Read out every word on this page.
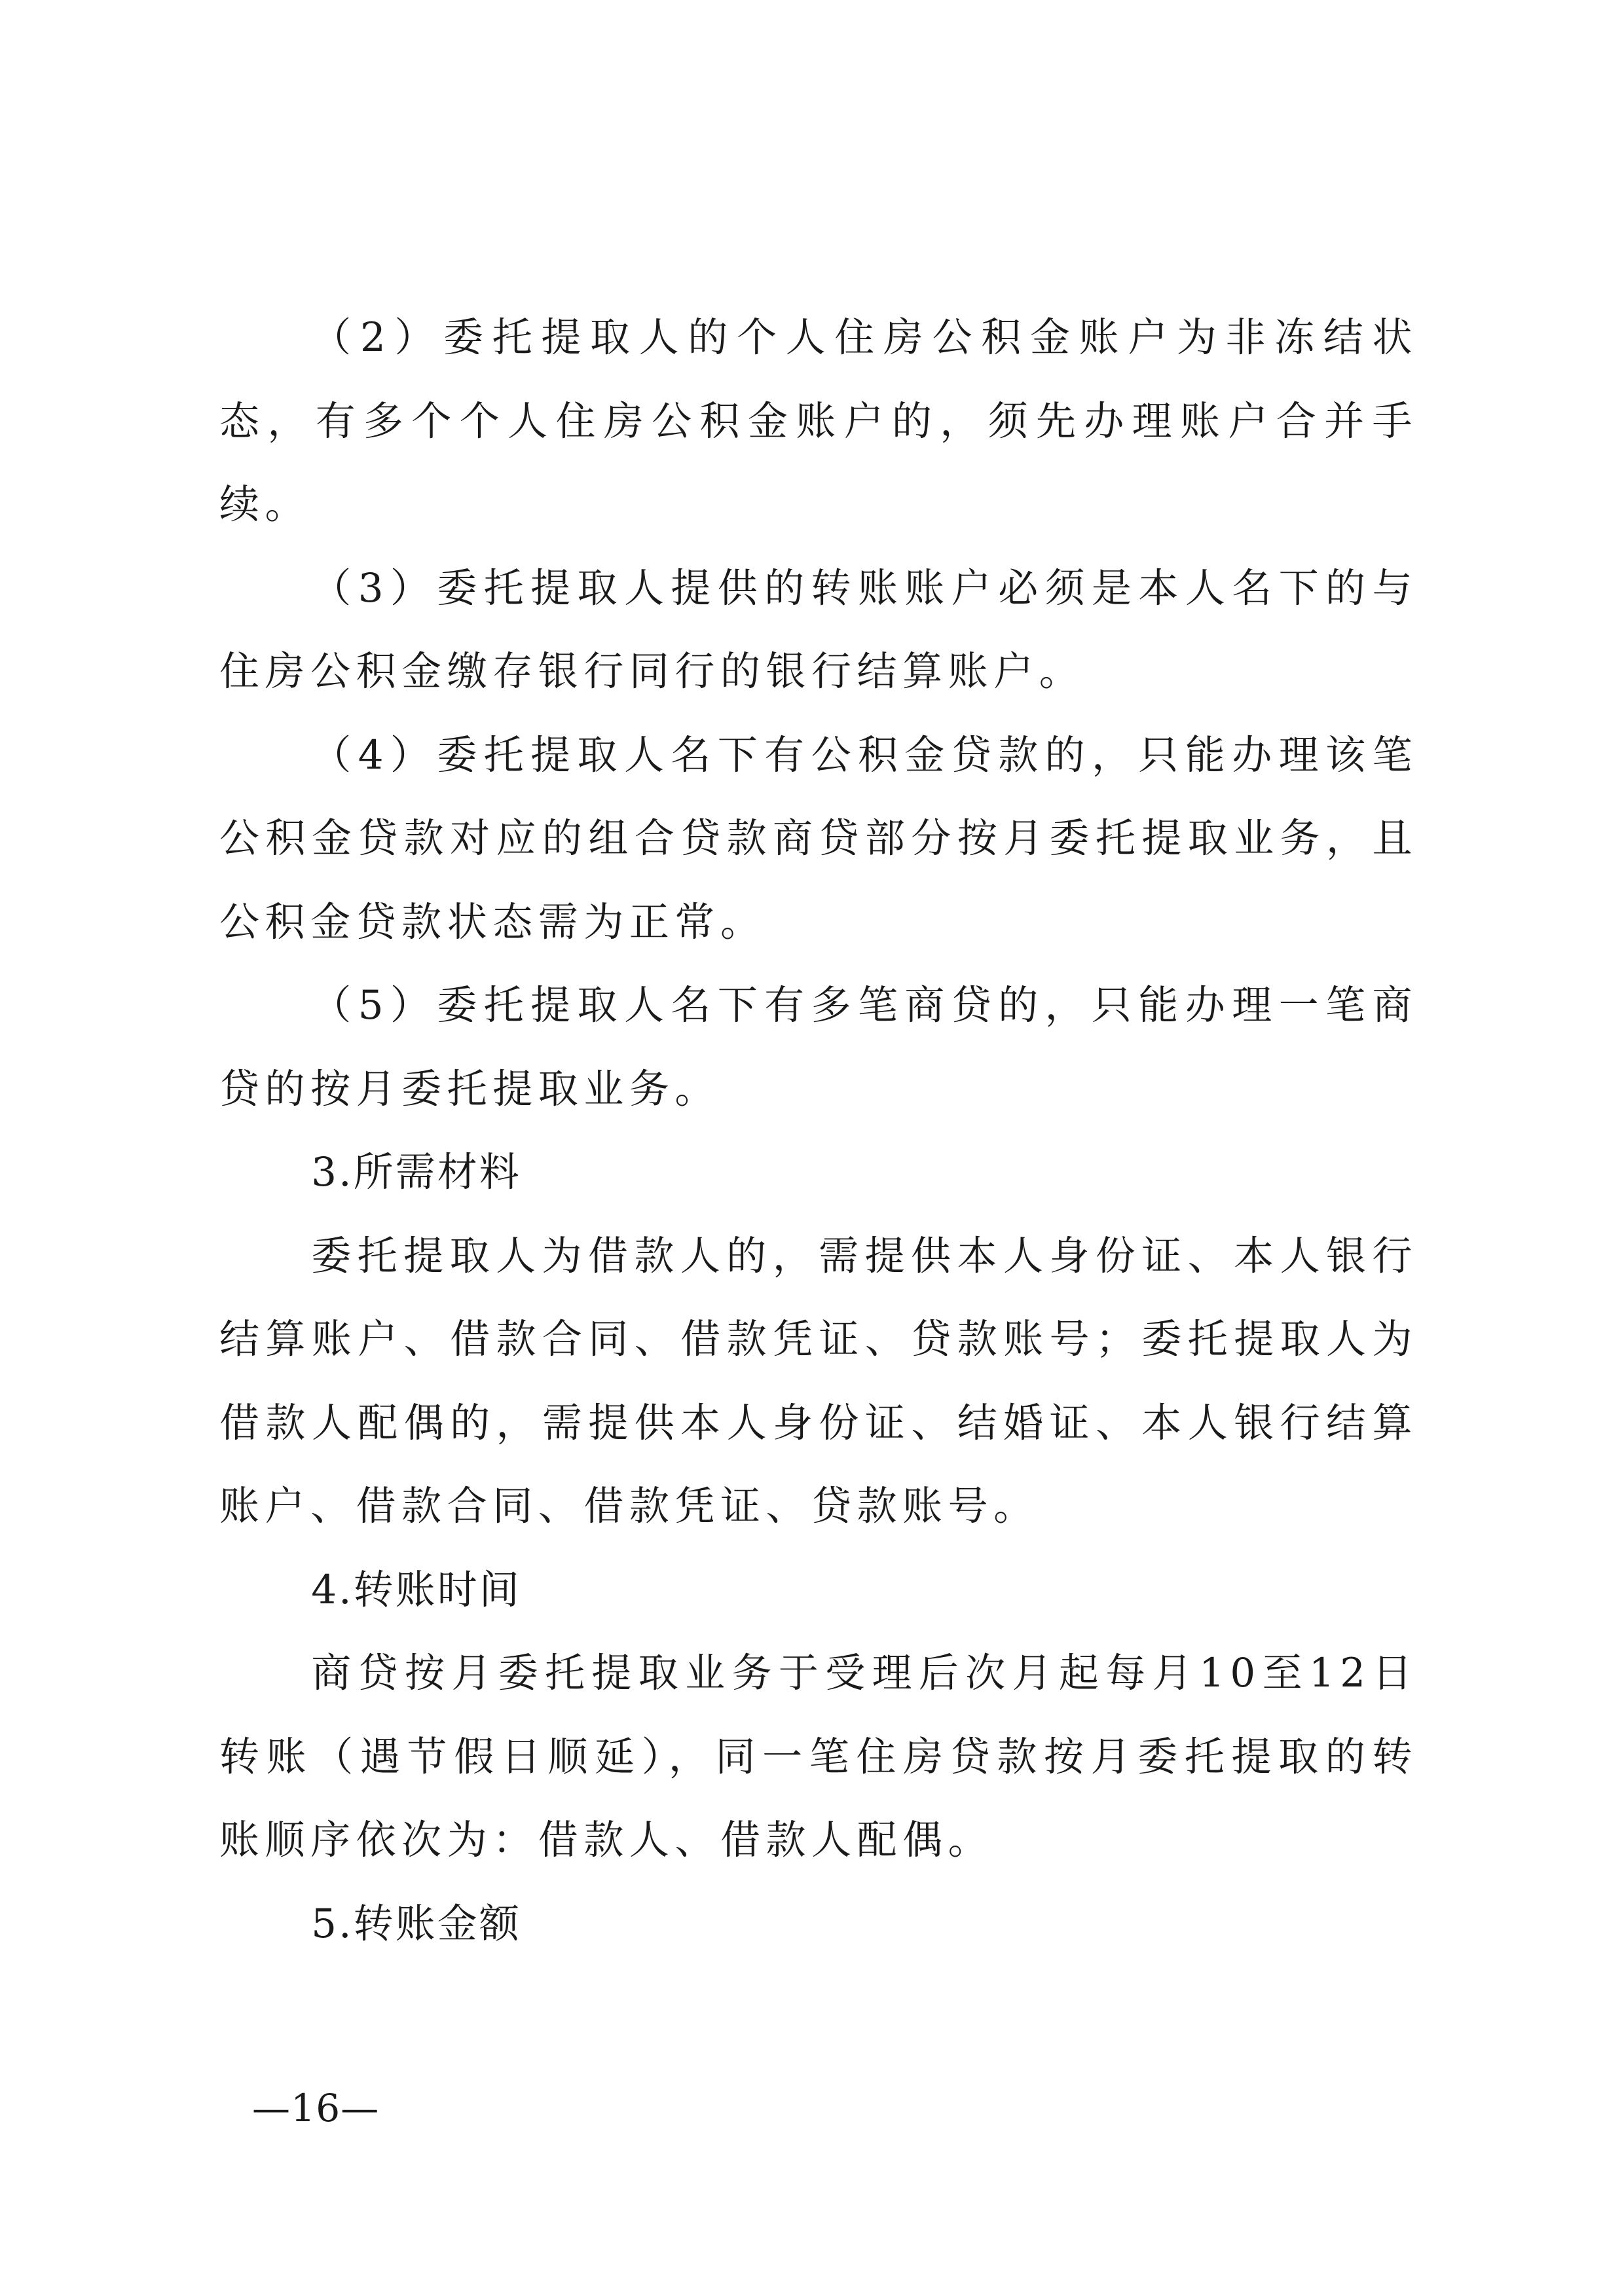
（2）委托提取人的个人住房公积金账户为非冻结状态，有多个个人住房公积金账户的，须先办理账户合并手续。

（3）委托提取人提供的转账账户必须是本人名下的与住房公积金缴存银行同行的银行结算账户。

（4）委托提取人名下有公积金贷款的，只能办理该笔公积金贷款对应的组合贷款商贷部分按月委托提取业务，且公积金贷款状态需为正常。

（5）委托提取人名下有多笔商贷的，只能办理一笔商贷的按月委托提取业务。

3.所需材料

委托提取人为借款人的，需提供本人身份证、本人银行结算账户、借款合同、借款凭证、贷款账号；委托提取人为借款人配偶的，需提供本人身份证、结婚证、本人银行结算账户、借款合同、借款凭证、贷款账号。

4.转账时间

商贷按月委托提取业务于受理后次月起每月10至12日转账（遇节假日顺延），同一笔住房贷款按月委托提取的转账顺序依次为：借款人、借款人配偶。

5.转账金额

—16—
